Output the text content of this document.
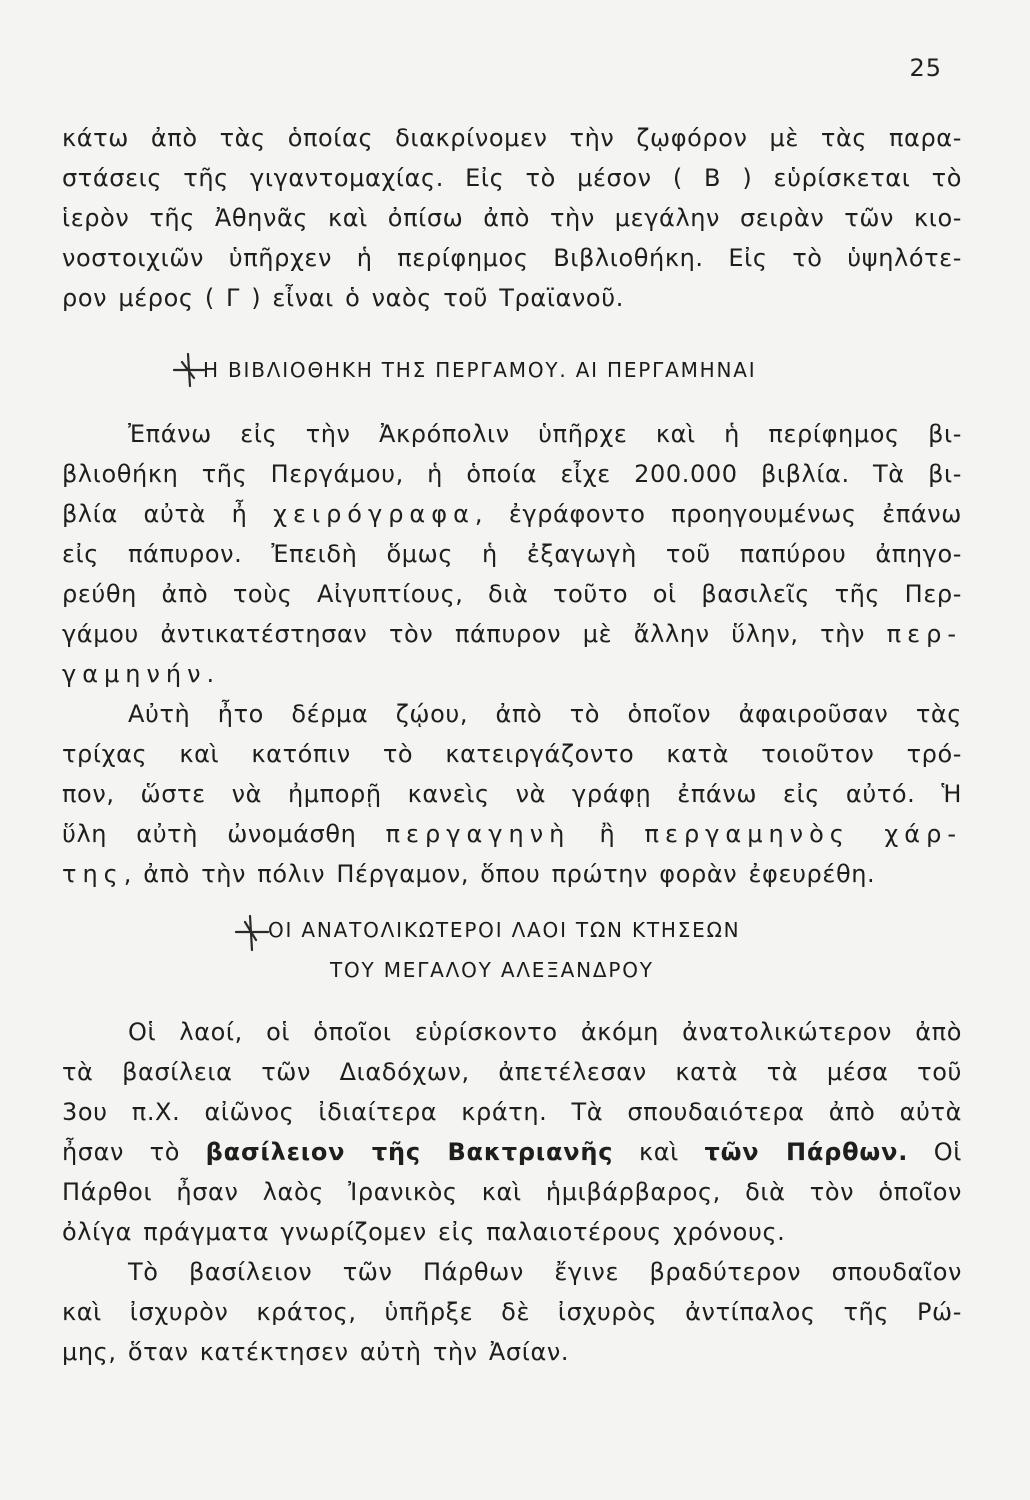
25
κάτω ἀπὸ τὰς ὁποίας διακρίνομεν τὴν ζῳφόρον μὲ τὰς παρα-
στάσεις τῆς γιγαντομαχίας. Εἰς τὸ μέσον ( Β ) εὑρίσκεται τὸ
ἱερὸν τῆς Ἀθηνᾶς καὶ ὀπίσω ἀπὸ τὴν μεγάλην σειρὰν τῶν κιο-
νοστοιχιῶν ὑπῆρχεν ἡ περίφημος Βιβλιοθήκη. Εἰς τὸ ὑψηλότε-
ρον μέρος ( Γ ) εἶναι ὁ ναὸς τοῦ Τραϊανοῦ.
Η ΒΙΒΛΙΟΘΗΚΗ ΤΗΣ ΠΕΡΓΑΜΟΥ. ΑΙ ΠΕΡΓΑΜΗΝΑΙ
Ἐπάνω εἰς τὴν Ἀκρόπολιν ὑπῆρχε καὶ ἡ περίφημος βι-
βλιοθήκη τῆς Περγάμου, ἡ ὁποία εἶχε 200.000 βιβλία. Τὰ βι-
βλία αὐτὰ ἦ χειρόγραφα, ἐγράφοντο προηγουμένως ἐπάνω
εἰς πάπυρον. Ἐπειδὴ ὅμως ἡ ἐξαγωγὴ τοῦ παπύρου ἀπηγο-
ρεύθη ἀπὸ τοὺς Αἰγυπτίους, διὰ τοῦτο οἱ βασιλεῖς τῆς Περ-
γάμου ἀντικατέστησαν τὸν πάπυρον μὲ ἄλλην ὕλην, τὴν περ-
γαμηνήν.
Αὐτὴ ἦτο δέρμα ζῴου, ἀπὸ τὸ ὁποῖον ἀφαιροῦσαν τὰς
τρίχας καὶ κατόπιν τὸ κατειργάζοντο κατὰ τοιοῦτον τρό-
πον, ὥστε νὰ ἠμπορῇ κανεὶς νὰ γράφῃ ἐπάνω εἰς αὐτό. Ἡ
ὕλη αὐτὴ ὠνομάσθη περγαγηνὴ ἢ περγαμηνὸς χάρ-
της, ἀπὸ τὴν πόλιν Πέργαμον, ὅπου πρώτην φορὰν ἐφευρέθη.
ΟΙ ΑΝΑΤΟΛΙΚΩΤΕΡΟΙ ΛΑΟΙ ΤΩΝ ΚΤΗΣΕΩΝ
ΤΟΥ ΜΕΓΑΛΟΥ ΑΛΕΞΑΝΔΡΟΥ
Οἱ λαοί, οἱ ὁποῖοι εὑρίσκοντο ἀκόμη ἀνατολικώτερον ἀπὸ
τὰ βασίλεια τῶν Διαδόχων, ἀπετέλεσαν κατὰ τὰ μέσα τοῦ
3ου π.Χ. αἰῶνος ἰδιαίτερα κράτη. Τὰ σπουδαιότερα ἀπὸ αὐτὰ
ἦσαν τὸ βασίλειον τῆς Βακτριανῆς καὶ τῶν Πάρθων. Οἱ
Πάρθοι ἦσαν λαὸς Ἰρανικὸς καὶ ἡμιβάρβαρος, διὰ τὸν ὁποῖον
ὀλίγα πράγματα γνωρίζομεν εἰς παλαιοτέρους χρόνους.
Τὸ βασίλειον τῶν Πάρθων ἔγινε βραδύτερον σπουδαῖον
καὶ ἰσχυρὸν κράτος, ὑπῆρξε δὲ ἰσχυρὸς ἀντίπαλος τῆς Ρώ-
μης, ὅταν κατέκτησεν αὐτὴ τὴν Ἀσίαν.
